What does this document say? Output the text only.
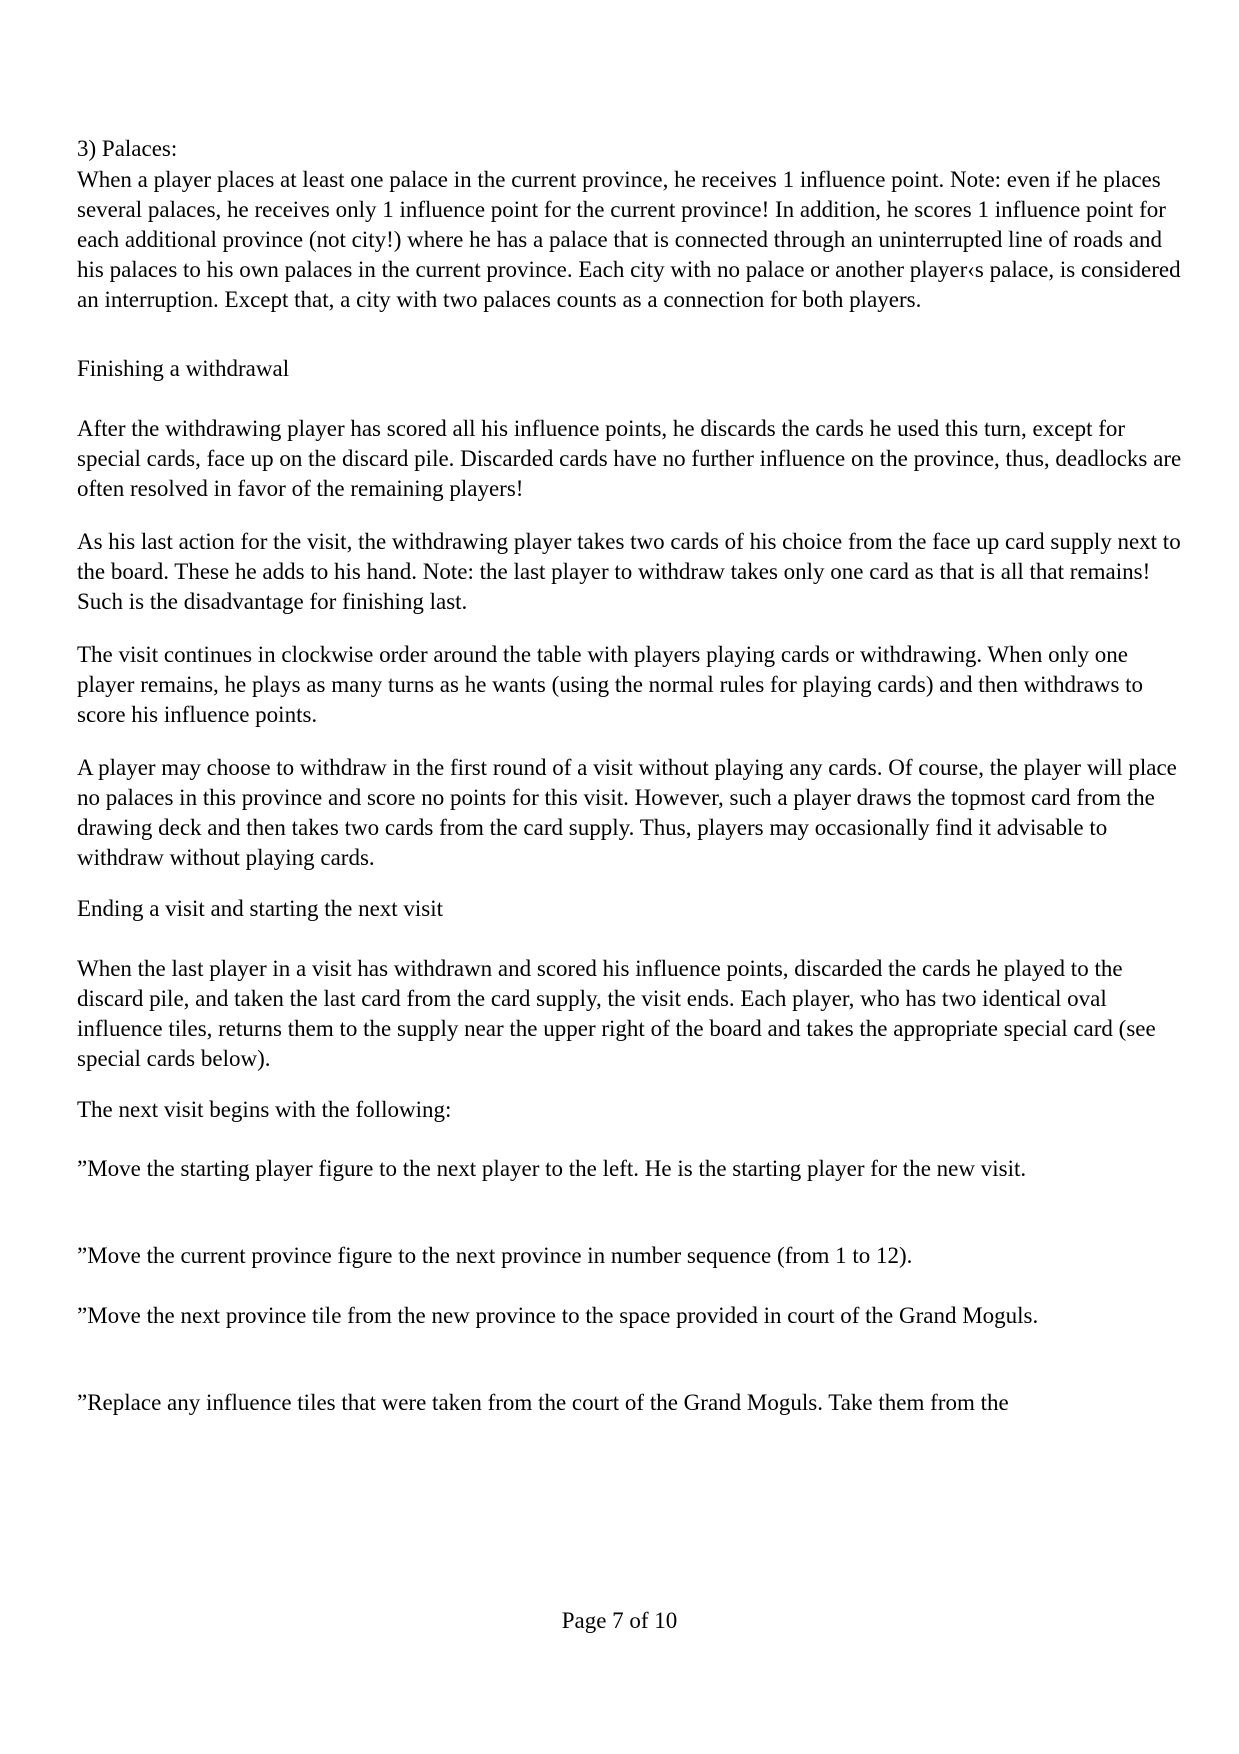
3) Palaces:

When a player places at least one palace in the current province, he receives 1 influence point. Note: even if he places several palaces, he receives only 1 influence point for the current province! In addition, he scores 1 influence point for each additional province (not city!) where he has a palace that is connected through an uninterrupted line of roads and his palaces to his own palaces in the current province. Each city with no palace or another player‹s palace, is considered an interruption. Except that, a city with two palaces counts as a connection for both players.

Finishing a withdrawal

After the withdrawing player has scored all his influence points, he discards the cards he used this turn, except for special cards, face up on the discard pile. Discarded cards have no further influence on the province, thus, deadlocks are often resolved in favor of the remaining players!

As his last action for the visit, the withdrawing player takes two cards of his choice from the face up card supply next to the board. These he adds to his hand. Note: the last player to withdraw takes only one card as that is all that remains! Such is the disadvantage for finishing last.

The visit continues in clockwise order around the table with players playing cards or withdrawing. When only one player remains, he plays as many turns as he wants (using the normal rules for playing cards) and then withdraws to score his influence points.

A player may choose to withdraw in the first round of a visit without playing any cards. Of course, the player will place no palaces in this province and score no points for this visit. However, such a player draws the topmost card from the drawing deck and then takes two cards from the card supply. Thus, players may occasionally find it advisable to withdraw without playing cards.

Ending a visit and starting the next visit

When the last player in a visit has withdrawn and scored his influence points, discarded the cards he played to the discard pile, and taken the last card from the card supply, the visit ends. Each player, who has two identical oval influence tiles, returns them to the supply near the upper right of the board and takes the appropriate special card (see special cards below).

The next visit begins with the following:

”Move the starting player figure to the next player to the left. He is the starting player for the new visit.

”Move the current province figure to the next province in number sequence (from 1 to 12).

”Move the next province tile from the new province to the space provided in court of the Grand Moguls.

”Replace any influence tiles that were taken from the court of the Grand Moguls. Take them from the

Page 7 of 10
